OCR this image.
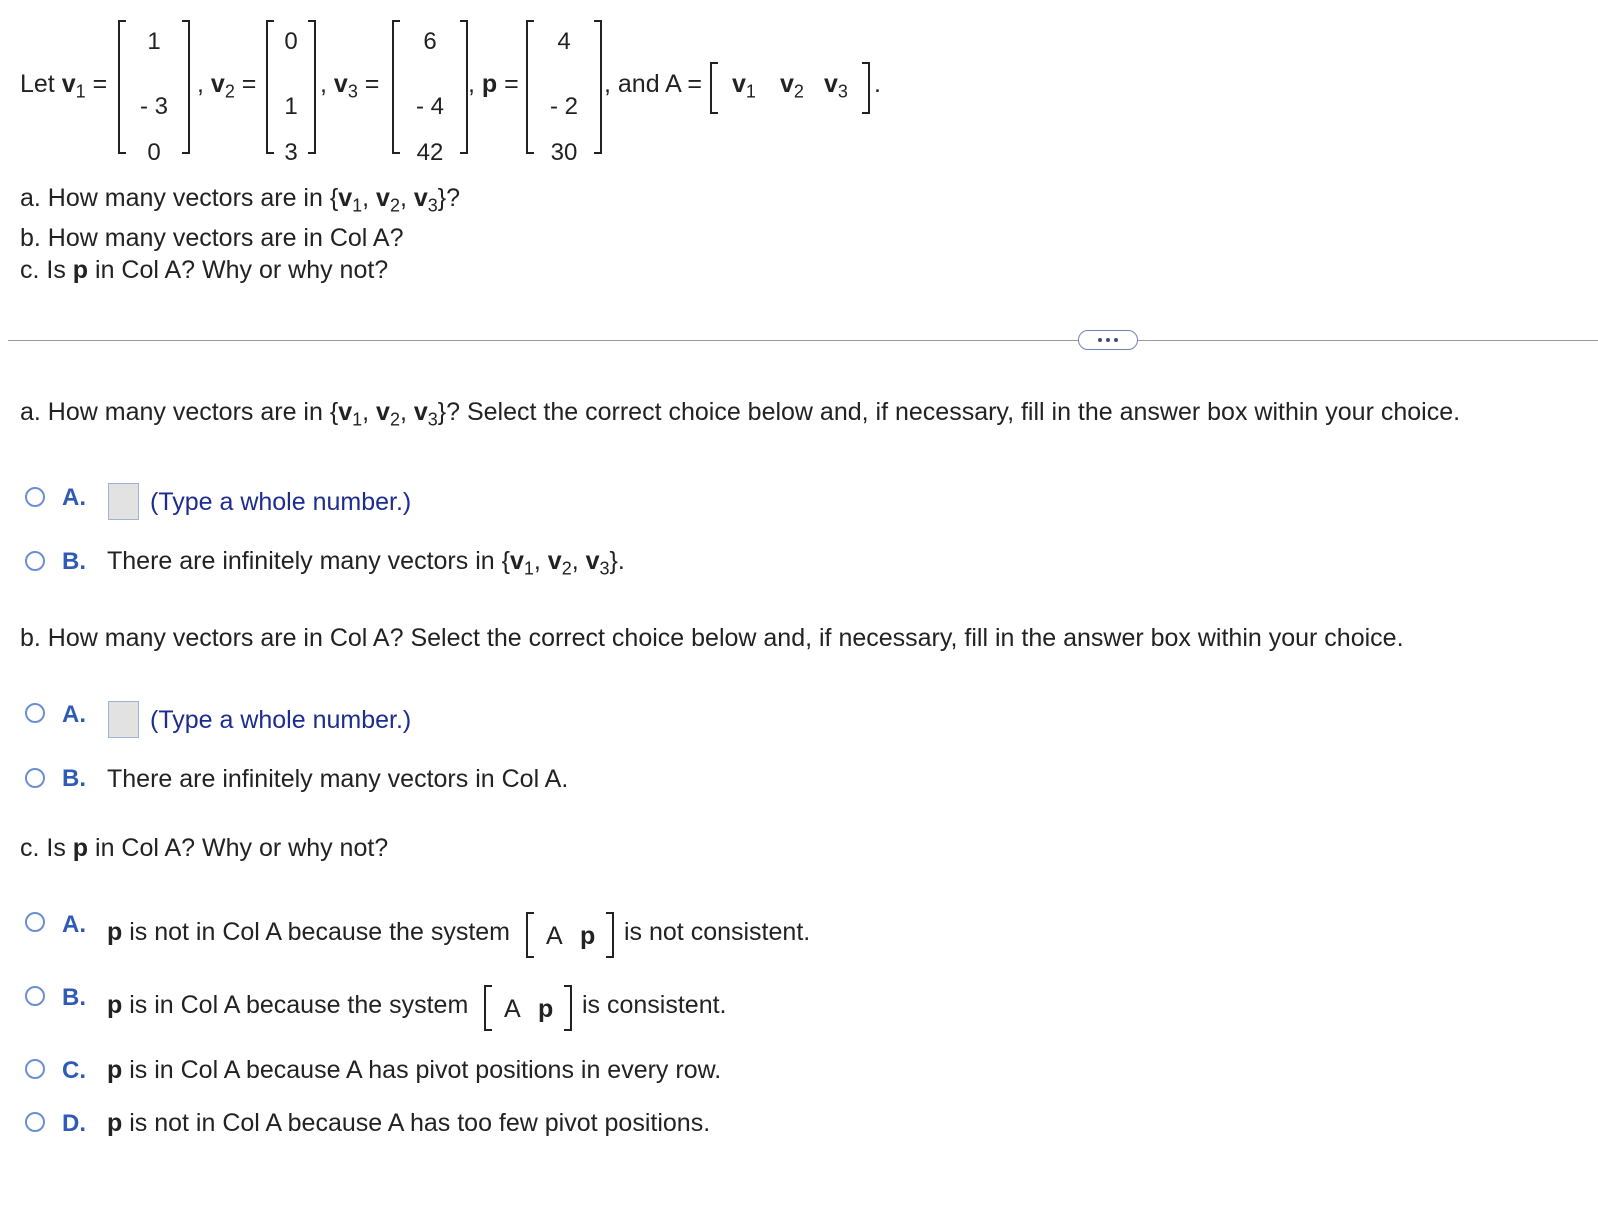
Let $v_1$ =
1
- 3
0
, $v_2$ =
0
1
3
, $v_3$ =
6
- 4
42
, p =
4
- 2
30
, and $A = v_1$ $v_2$ $v_3$ .
a. How many vectors are in {$v_1$, $v_2$, $v_3$}?
b. How many vectors are in Col A?
c. Is p in Col A? Why or why not?
a. How many vectors are in {$v_1$, $v_2$, $v_3$}? Select the correct choice below and, if necessary, fill in the answer box within your choice.
A.	(Type a whole number.)
B. There are infinitely many vectors in {$v_1$, $v_2$, $v_3$}.
b. How many vectors are in Col A? Select the correct choice below and, if necessary, fill in the answer box within your choice.
A.	(Type a whole number.)
B. There are infinitely many vectors in Col A.
c. Is p in Col A? Why or why not?
A. p is not in Col A because the system A p is not consistent.
B. p is in Col A because the system A p is consistent.
C. p is in Col A because A has pivot positions in every row.
D. p is not in Col A because A has too few pivot positions.
